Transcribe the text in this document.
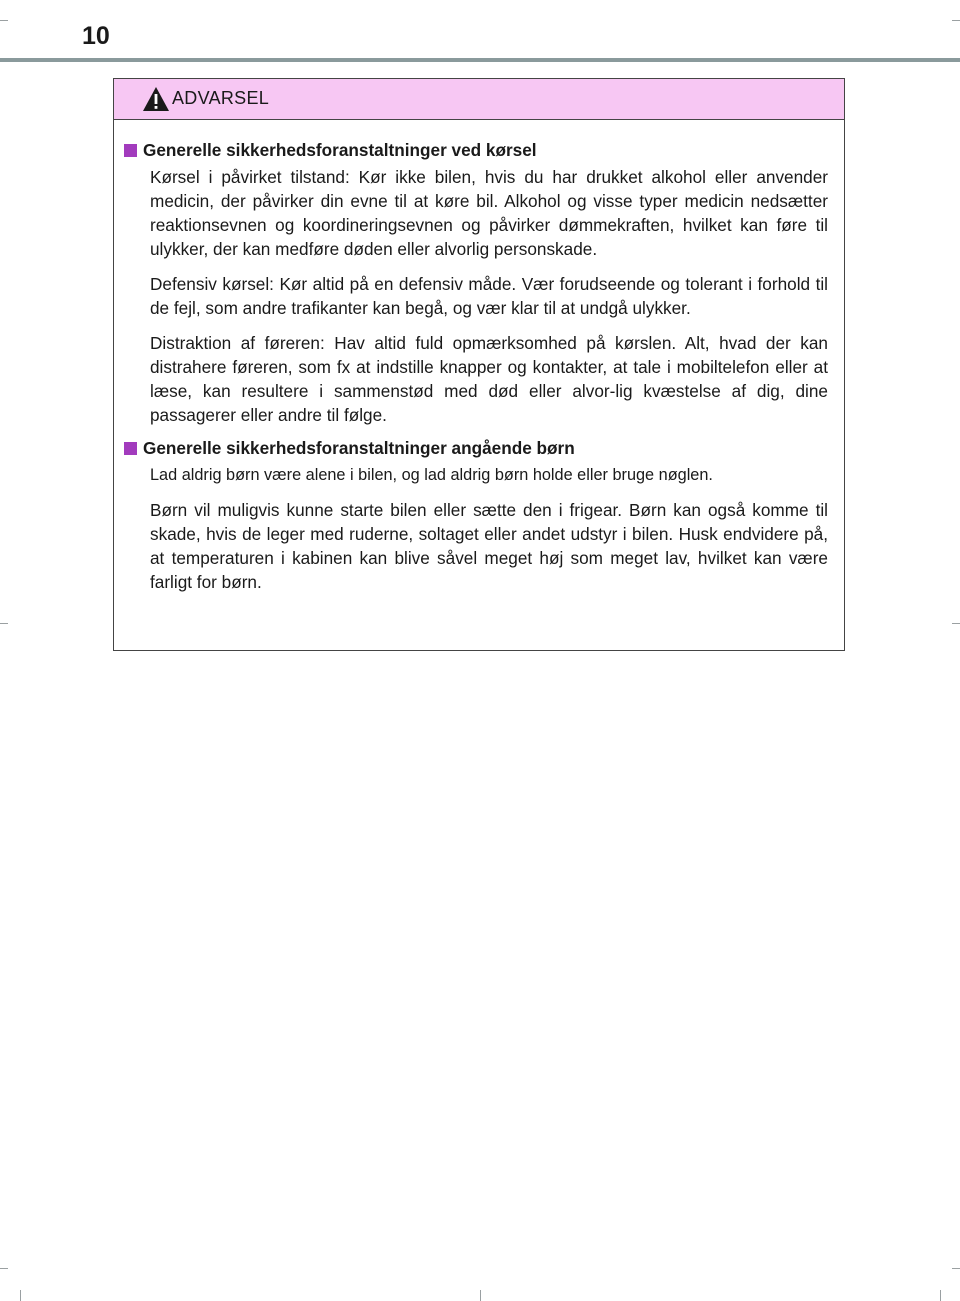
10
ADVARSEL
Generelle sikkerhedsforanstaltninger ved kørsel

Kørsel i påvirket tilstand: Kør ikke bilen, hvis du har drukket alkohol eller anvender medicin, der påvirker din evne til at køre bil. Alkohol og visse typer medicin nedsætter reaktionsevnen og koordineringsevnen og påvirker dømmekraften, hvilket kan føre til ulykker, der kan medføre døden eller alvorlig personskade.

Defensiv kørsel: Kør altid på en defensiv måde. Vær forudseende og tolerant i forhold til de fejl, som andre trafikanter kan begå, og vær klar til at undgå ulykker.

Distraktion af føreren: Hav altid fuld opmærksomhed på kørslen. Alt, hvad der kan distrahere føreren, som fx at indstille knapper og kontakter, at tale i mobiltelefon eller at læse, kan resultere i sammenstød med død eller alvor-lig kvæstelse af dig, dine passagerer eller andre til følge.

Generelle sikkerhedsforanstaltninger angående børn

Lad aldrig børn være alene i bilen, og lad aldrig børn holde eller bruge nøglen.

Børn vil muligvis kunne starte bilen eller sætte den i frigear. Børn kan også komme til skade, hvis de leger med ruderne, soltaget eller andet udstyr i bilen. Husk endvidere på, at temperaturen i kabinen kan blive såvel meget høj som meget lav, hvilket kan være farligt for børn.
